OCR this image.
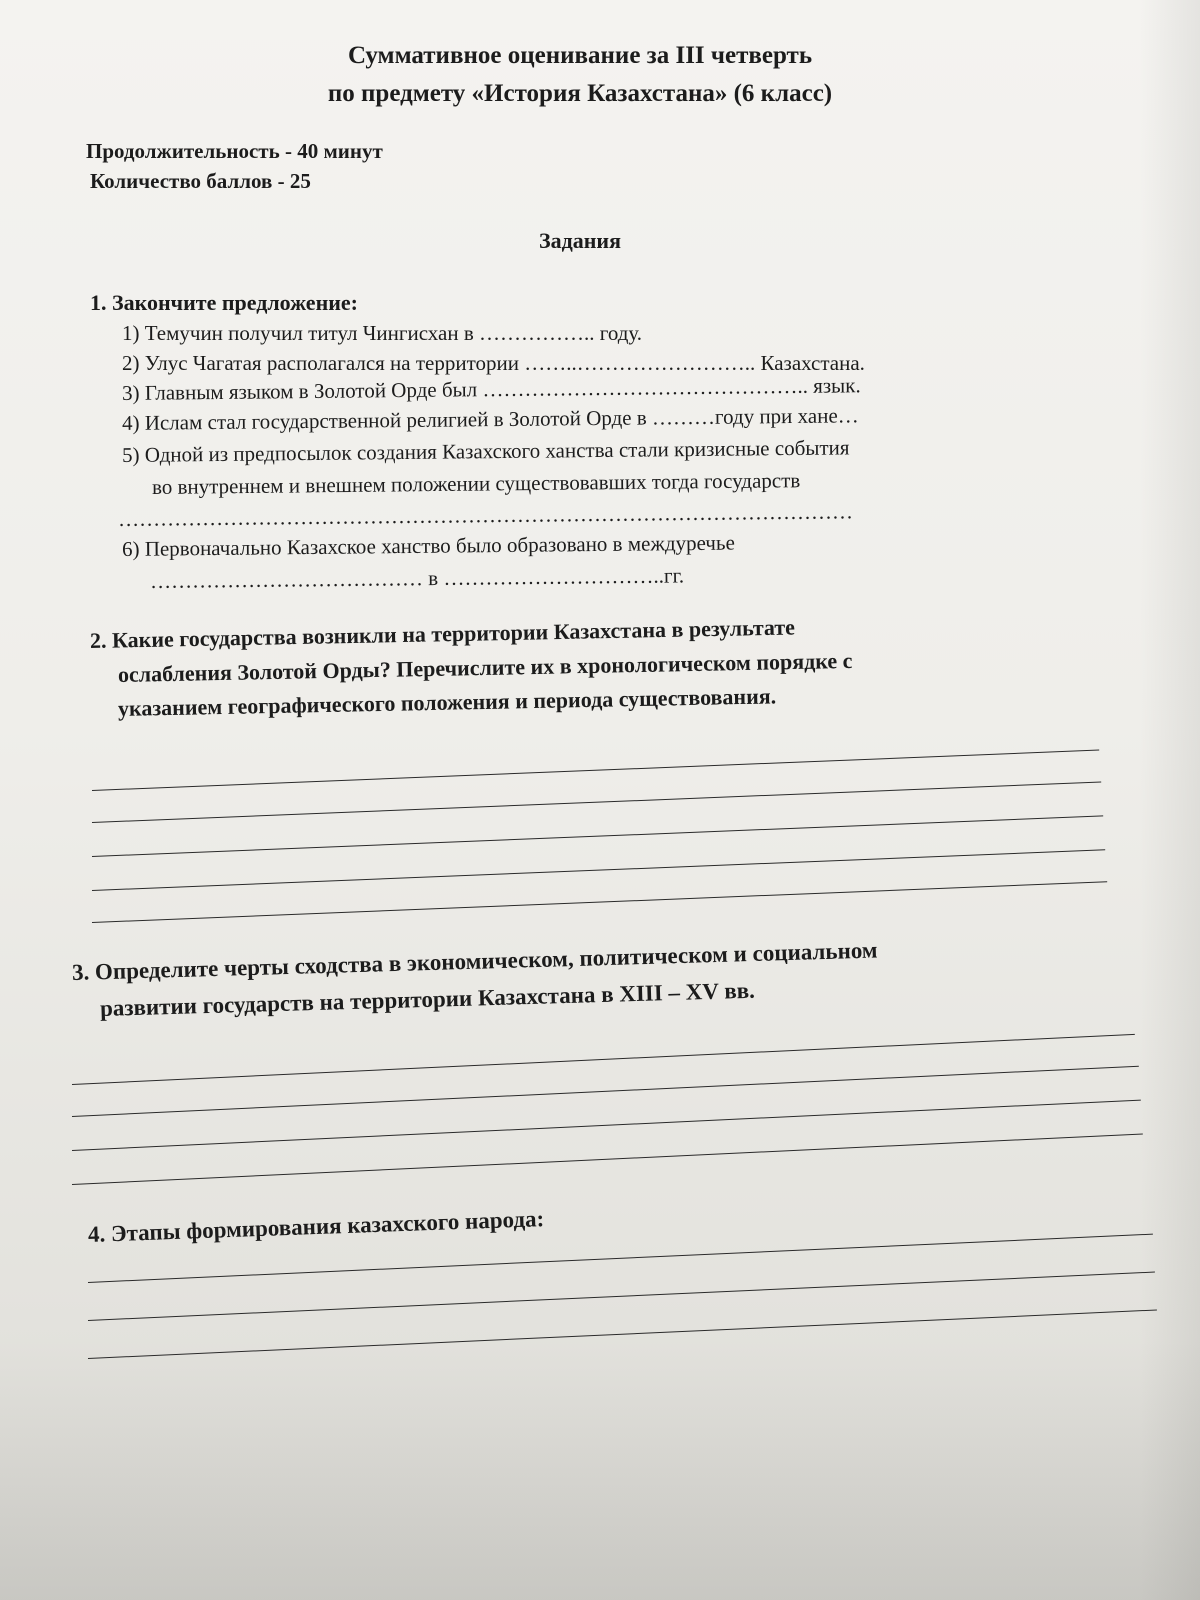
Суммативное оценивание за III четверть
по предмету «История Казахстана» (6 класс)
Продолжительность - 40 минут
Количество баллов - 25
Задания
1. Закончите предложение:
1) Темучин получил титул Чингисхан в …………….. году.
2) Улус Чагатая располагался на территории ……..…………………….. Казахстана.
3) Главным языком в Золотой Орде был ……………………………………….. язык.
4) Ислам стал государственной религией в Золотой Орде в ………году при хане…
5) Одной из предпосылок создания Казахского ханства стали кризисные события
во внутреннем и внешнем положении существовавших тогда государств
……………………………………………………………………………………………
6) Первоначально Казахское ханство было образовано в междуречье
………………………………… в …………………………..гг.
2. Какие государства возникли на территории Казахстана в результате
ослабления Золотой Орды? Перечислите их в хронологическом порядке с
указанием географического положения и периода существования.
3. Определите черты сходства в экономическом, политическом и социальном
развитии государств на территории Казахстана в XIII – XV вв.
4. Этапы формирования казахского народа:
